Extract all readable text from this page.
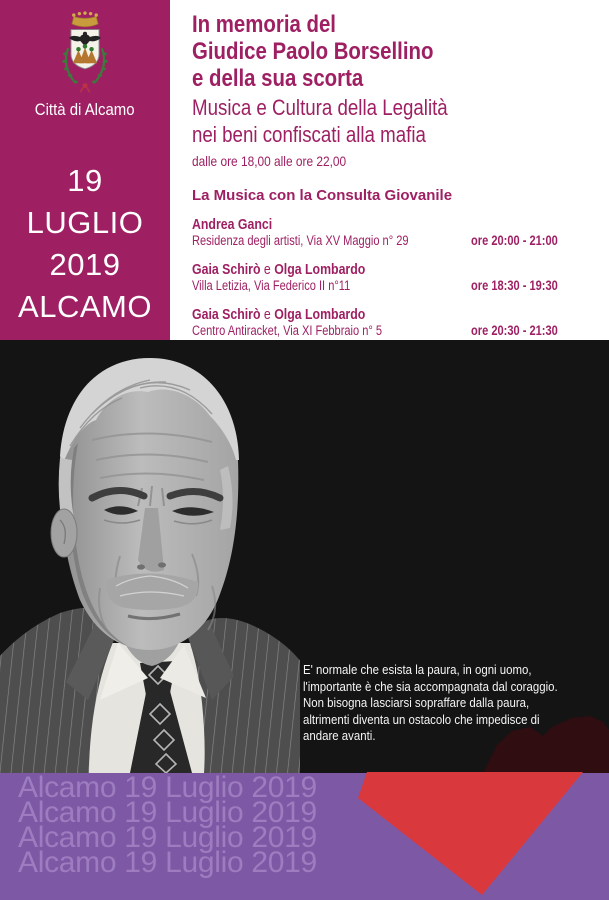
Città di Alcamo
19
LUGLIO
2019
ALCAMO
In memoria del
Giudice Paolo Borsellino
e della sua scorta
Musica e Cultura della Legalità
nei beni confiscati alla mafia
dalle ore 18,00 alle ore 22,00
La Musica con la Consulta Giovanile
Andrea Ganci
Residenza degli artisti, Via XV Maggio n° 29	ore 20:00 - 21:00
Gaia Schirò e Olga Lombardo
Villa Letizia, Via Federico II n°11	ore 18:30 - 19:30
Gaia Schirò e Olga Lombardo
Centro Antiracket, Via XI Febbraio n° 5	ore 20:30 - 21:30
E' normale che esista la paura, in ogni uomo,
l'importante è che sia accompagnata dal coraggio.
Non bisogna lasciarsi sopraffare dalla paura,
altrimenti diventa un ostacolo che impedisce di
andare avanti.
Alcamo 19 Luglio 2019
Alcamo 19 Luglio 2019
Alcamo 19 Luglio 2019
Alcamo 19 Luglio 2019
